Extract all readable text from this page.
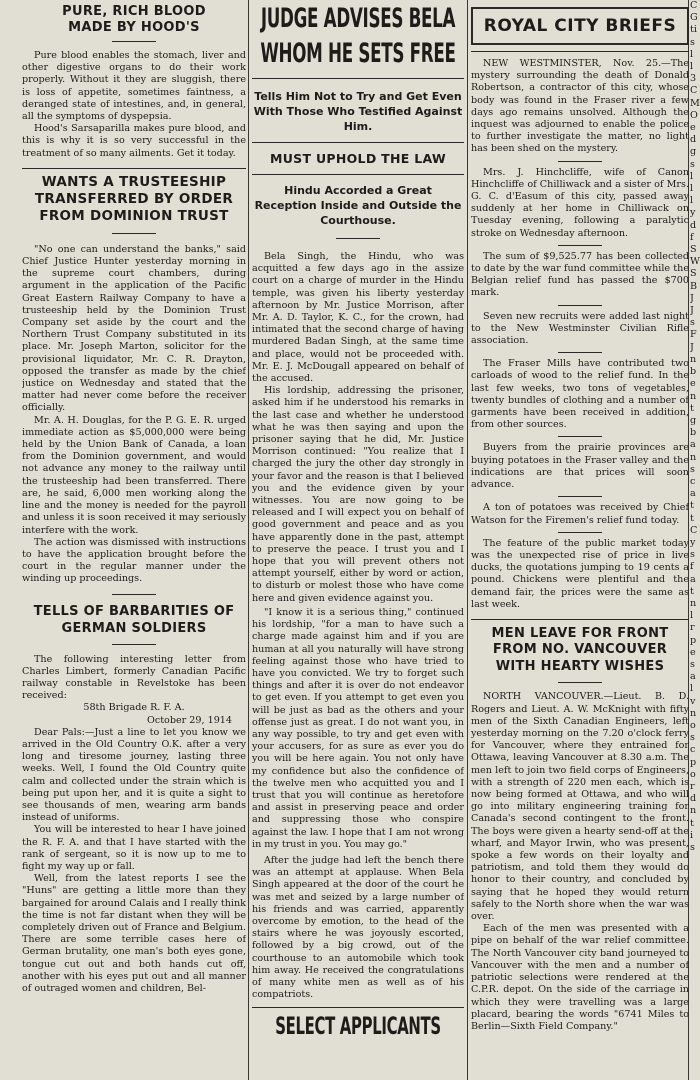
PURE, RICH BLOOD
MADE BY HOOD'S

Pure blood enables the stomach, liver and other digestive organs to do their work properly. Without it they are sluggish, there is loss of appetite, sometimes faintness, a deranged state of intestines, and, in general, all the symptoms of dyspepsia.

Hood's Sarsaparilla makes pure blood, and this is why it is so very successful in the treatment of so many ailments. Get it today.

WANTS A TRUSTEESHIP TRANSFERRED BY ORDER FROM DOMINION TRUST

"No one can understand the banks," said Chief Justice Hunter yesterday morning in the supreme court chambers, during argument in the application of the Pacific Great Eastern Railway Company to have a trusteeship held by the Dominion Trust Company set aside by the court and the Northern Trust Company substituted in its place. Mr. Joseph Marton, solicitor for the provisional liquidator, Mr. C. R. Drayton, opposed the transfer as made by the chief justice on Wednesday and stated that the matter had never come before the receiver officially.

Mr. A. H. Douglas, for the P. G. E. R. urged immediate action as $5,000,000 were being held by the Union Bank of Canada, a loan from the Dominion government, and would not advance any money to the railway until the trusteeship had been transferred. There are, he said, 6,000 men working along the line and the money is needed for the payroll and unless it is soon received it may seriously interfere with the work.

The action was dismissed with instructions to have the application brought before the court in the regular manner under the winding up proceedings.

TELLS OF BARBARITIES OF GERMAN SOLDIERS

The following interesting letter from Charles Limbert, formerly Canadian Pacific railway constable in Revelstoke has been received:

58th Brigade R. F. A.
October 29, 1914

Dear Pals:—Just a line to let you know we arrived in the Old Country O.K. after a very long and tiresome journey, lasting three weeks. Well, I found the Old Country quite calm and collected under the strain which is being put upon her, and it is quite a sight to see thousands of men, wearing arm bands instead of uniforms.

You will be interested to hear I have joined the R. F. A. and that I have started with the rank of sergeant, so it is now up to me to fight my way up or fall.

Well, from the latest reports I see the "Huns" are getting a little more than they bargained for around Calais and I really think the time is not far distant when they will be completely driven out of France and Belgium. There are some terrible cases here of German brutality, one man's both eyes gone, tongue cut out and both hands cut off, another with his eyes put out and all manner of outraged women and children, Bel-

JUDGE ADVISES BELA
WHOM HE SETS FREE
Tells Him Not to Try and Get Even With Those Who Testified Against Him.
MUST UPHOLD THE LAW
Hindu Accorded a Great Reception Inside and Outside the Courthouse.

Bela Singh, the Hindu, who was acquitted a few days ago in the assize court on a charge of murder in the Hindu temple, was given his liberty yesterday afternoon by Mr. Justice Morrison, after Mr. A. D. Taylor, K. C., for the crown, had intimated that the second charge of having murdered Badan Singh, at the same time and place, would not be proceeded with. Mr. E. J. McDougall appeared on behalf of the accused.

His lordship, addressing the prisoner, asked him if he understood his remarks in the last case and whether he understood what he was then saying and upon the prisoner saying that he did, Mr. Justice Morrison continued: "You realize that I charged the jury the other day strongly in your favor and the reason is that I believed you and the evidence given by your witnesses. You are now going to be released and I will expect you on behalf of good government and peace and as you have apparently done in the past, attempt to preserve the peace. I trust you and I hope that you will prevent others not attempt yourself, either by word or action, to disturb or molest those who have come here and given evidence against you.

"I know it is a serious thing," continued his lordship, "for a man to have such a charge made against him and if you are human at all you naturally will have strong feeling against those who have tried to have you convicted. We try to forget such things and after it is over do not endeavor to get even. If you attempt to get even you will be just as bad as the others and your offense just as great. I do not want you, in any way possible, to try and get even with your accusers, for as sure as ever you do you will be here again. You not only have my confidence but also the confidence of the twelve men who acquitted you and I trust that you will continue as heretofore and assist in preserving peace and order and suppressing those who conspire against the law. I hope that I am not wrong in my trust in you. You may go."

After the judge had left the bench there was an attempt at applause. When Bela Singh appeared at the door of the court he was met and seized by a large number of his friends and was carried, apparently overcome by emotion, to the head of the stairs where he was joyously escorted, followed by a big crowd, out of the courthouse to an automobile which took him away. He received the congratulations of many white men as well as of his compatriots.

SELECT APPLICANTS
ROYAL CITY BRIEFS

NEW WESTMINSTER, Nov. 25.—The mystery surrounding the death of Donald Robertson, a contractor of this city, whose body was found in the Fraser river a few days ago remains unsolved. Although the inquest was adjourned to enable the police to further investigate the matter, no light has been shed on the mystery.

Mrs. J. Hinchcliffe, wife of Canon Hinchcliffe of Chilliwack and a sister of Mrs. G. C. d'Easum of this city, passed away suddenly at her home in Chilliwack on Tuesday evening, following a paralytic stroke on Wednesday afternoon.

The sum of $9,525.77 has been collected to date by the war fund committee while the Belgian relief fund has passed the $700 mark.

Seven new recruits were added last night to the New Westminster Civilian Rifle association.

The Fraser Mills have contributed two carloads of wood to the relief fund. In the last few weeks, two tons of vegetables, twenty bundles of clothing and a number of garments have been received in addition, from other sources.

Buyers from the prairie provinces are buying potatoes in the Fraser valley and the indications are that prices will soon advance.

A ton of potatoes was received by Chief Watson for the Firemen's relief fund today.

The feature of the public market today was the unexpected rise of price in live ducks, the quotations jumping to 19 cents a pound. Chickens were plentiful and the demand fair, the prices were the same as last week.

MEN LEAVE FOR FRONT FROM NO. VANCOUVER WITH HEARTY WISHES

NORTH VANCOUVER.—Lieut. B. D. Rogers and Lieut. A. W. McKnight with fifty men of the Sixth Canadian Engineers, left yesterday morning on the 7.20 o'clock ferry for Vancouver, where they entrained for Ottawa, leaving Vancouver at 8.30 a.m. The men left to join two field corps of Engineers, with a strength of 220 men each, which is now being formed at Ottawa, and who will go into military engineering training for Canada's second contingent to the front. The boys were given a hearty send-off at the wharf, and Mayor Irwin, who was present, spoke a few words on their loyalty and patriotism, and told them they would do honor to their country, and concluded by saying that he hoped they would return safely to the North shore when the war was over.

Each of the men was presented with a pipe on behalf of the war relief committee. The North Vancouver city band journeyed to Vancouver with the men and a number of patriotic selections were rendered at the C.P.R. depot. On the side of the carriage in which they were travelling was a large placard, bearing the words "6741 Miles to Berlin—Sixth Field Company."

C
G
ti
s
l
l
3
C
M
O
e
d
g
s
l
l
l
y
d
f
S
W
S
B
J
J
s
F
J
n
b
e
n
t
g
b
a
n
s
c
a
t
t
C
y
s
f
a
t
n
l
r
p
e
s
a
l
v
n
o
s
c
p
o
r
d
n
t
i
s
